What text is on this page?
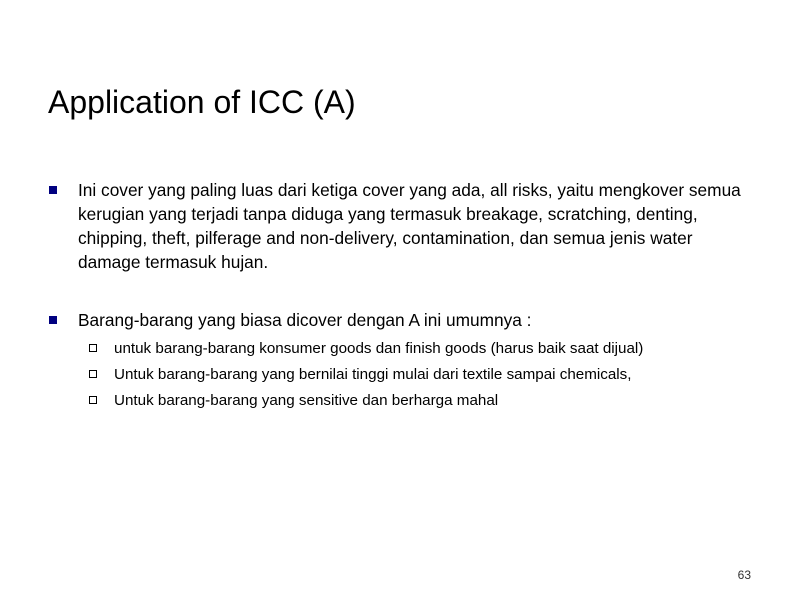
Application of ICC (A)
Ini cover yang paling luas dari ketiga cover yang ada, all risks, yaitu mengkover semua kerugian yang terjadi tanpa diduga yang termasuk breakage, scratching, denting, chipping, theft, pilferage and non-delivery, contamination, dan semua jenis water damage termasuk hujan.
Barang-barang yang biasa dicover dengan A ini umumnya :
untuk barang-barang konsumer goods dan finish goods (harus baik saat dijual)
Untuk barang-barang yang bernilai tinggi mulai dari textile sampai chemicals,
Untuk barang-barang yang sensitive dan berharga mahal
63
